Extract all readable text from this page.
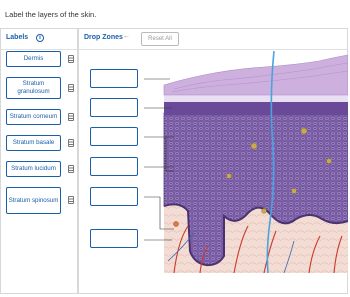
Label the layers of the skin.
Labels	i
Dermis
Stratum granulosum
Stratum corneum
Stratum basale
Stratum lucidum
Stratum spinosum
Drop Zones ←	Reset All
